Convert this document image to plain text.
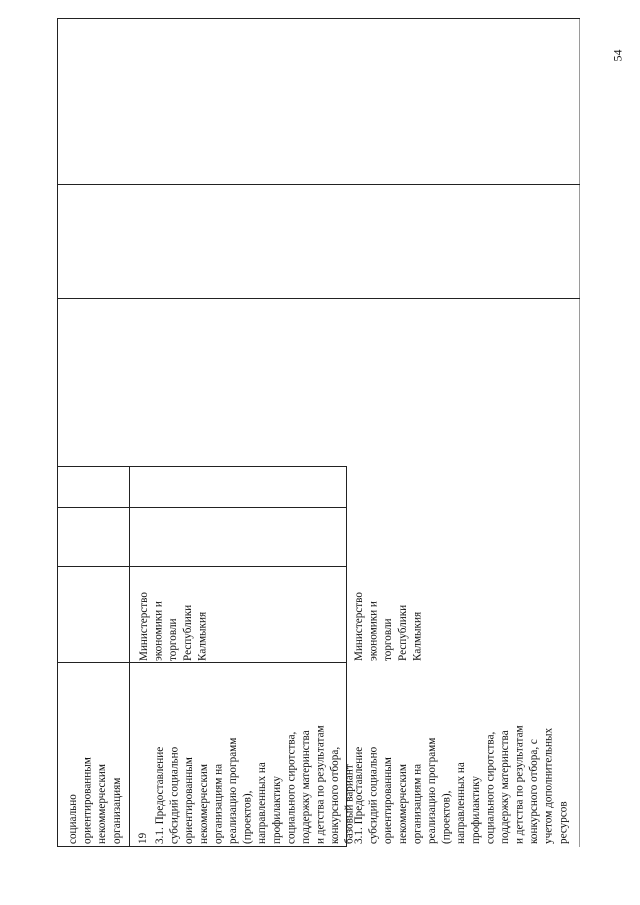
54
социально
ориентированным
некоммерческим
организациям 19 3.1. Предоставление
субсидий социально
ориентированным
некоммерческим
организациям на
реализацию программ
(проектов),
направленных на
профилактику
социального сиротства,
поддержку материнства
и детства по результатам
конкурсного отбора,
базовый вариант
Министерство
экономики и
торговли
Республики
Калмыкия
3.1. Предоставление
субсидий социально
ориентированным
некоммерческим
организациям на
реализацию программ
(проектов),
направленных на
профилактику
социального сиротства,
поддержку материнства
и детства по результатам
конкурсного отбора, с
учетом дополнительных
ресурсов
Министерство
экономики и
торговли
Республики
Калмыкия
